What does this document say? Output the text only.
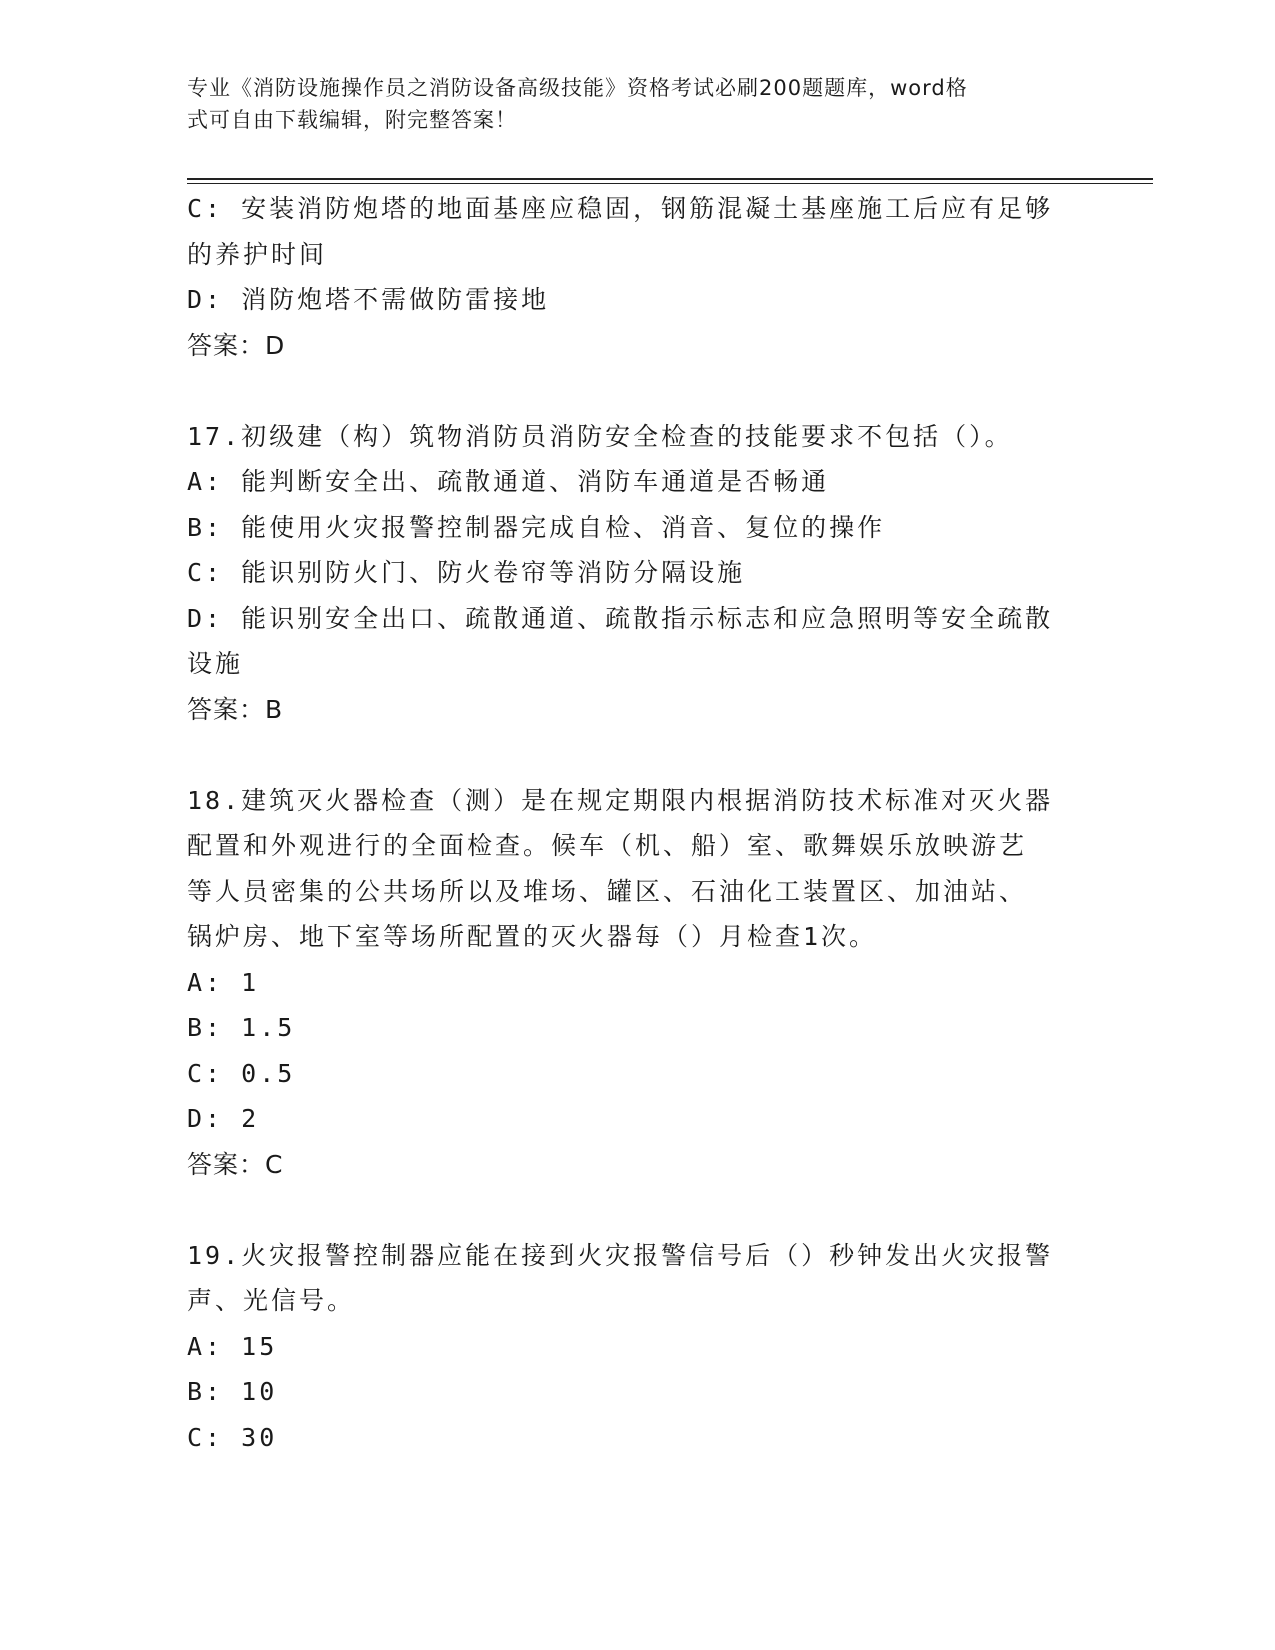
专业《消防设施操作员之消防设备高级技能》资格考试必刷200题题库，word格
式可自由下载编辑，附完整答案！
C: 安装消防炮塔的地面基座应稳固，钢筋混凝土基座施工后应有足够
的养护时间
D: 消防炮塔不需做防雷接地
答案：D
17.初级建（构）筑物消防员消防安全检查的技能要求不包括（）。
A: 能判断安全出、疏散通道、消防车通道是否畅通
B: 能使用火灾报警控制器完成自检、消音、复位的操作
C: 能识别防火门、防火卷帘等消防分隔设施
D: 能识别安全出口、疏散通道、疏散指示标志和应急照明等安全疏散
设施
答案：B
18.建筑灭火器检查（测）是在规定期限内根据消防技术标准对灭火器
配置和外观进行的全面检查。候车（机、船）室、歌舞娱乐放映游艺
等人员密集的公共场所以及堆场、罐区、石油化工装置区、加油站、
锅炉房、地下室等场所配置的灭火器每（）月检查1次。
A: 1
B: 1.5
C: 0.5
D: 2
答案：C
19.火灾报警控制器应能在接到火灾报警信号后（）秒钟发出火灾报警
声、光信号。
A: 15
B: 10
C: 30
